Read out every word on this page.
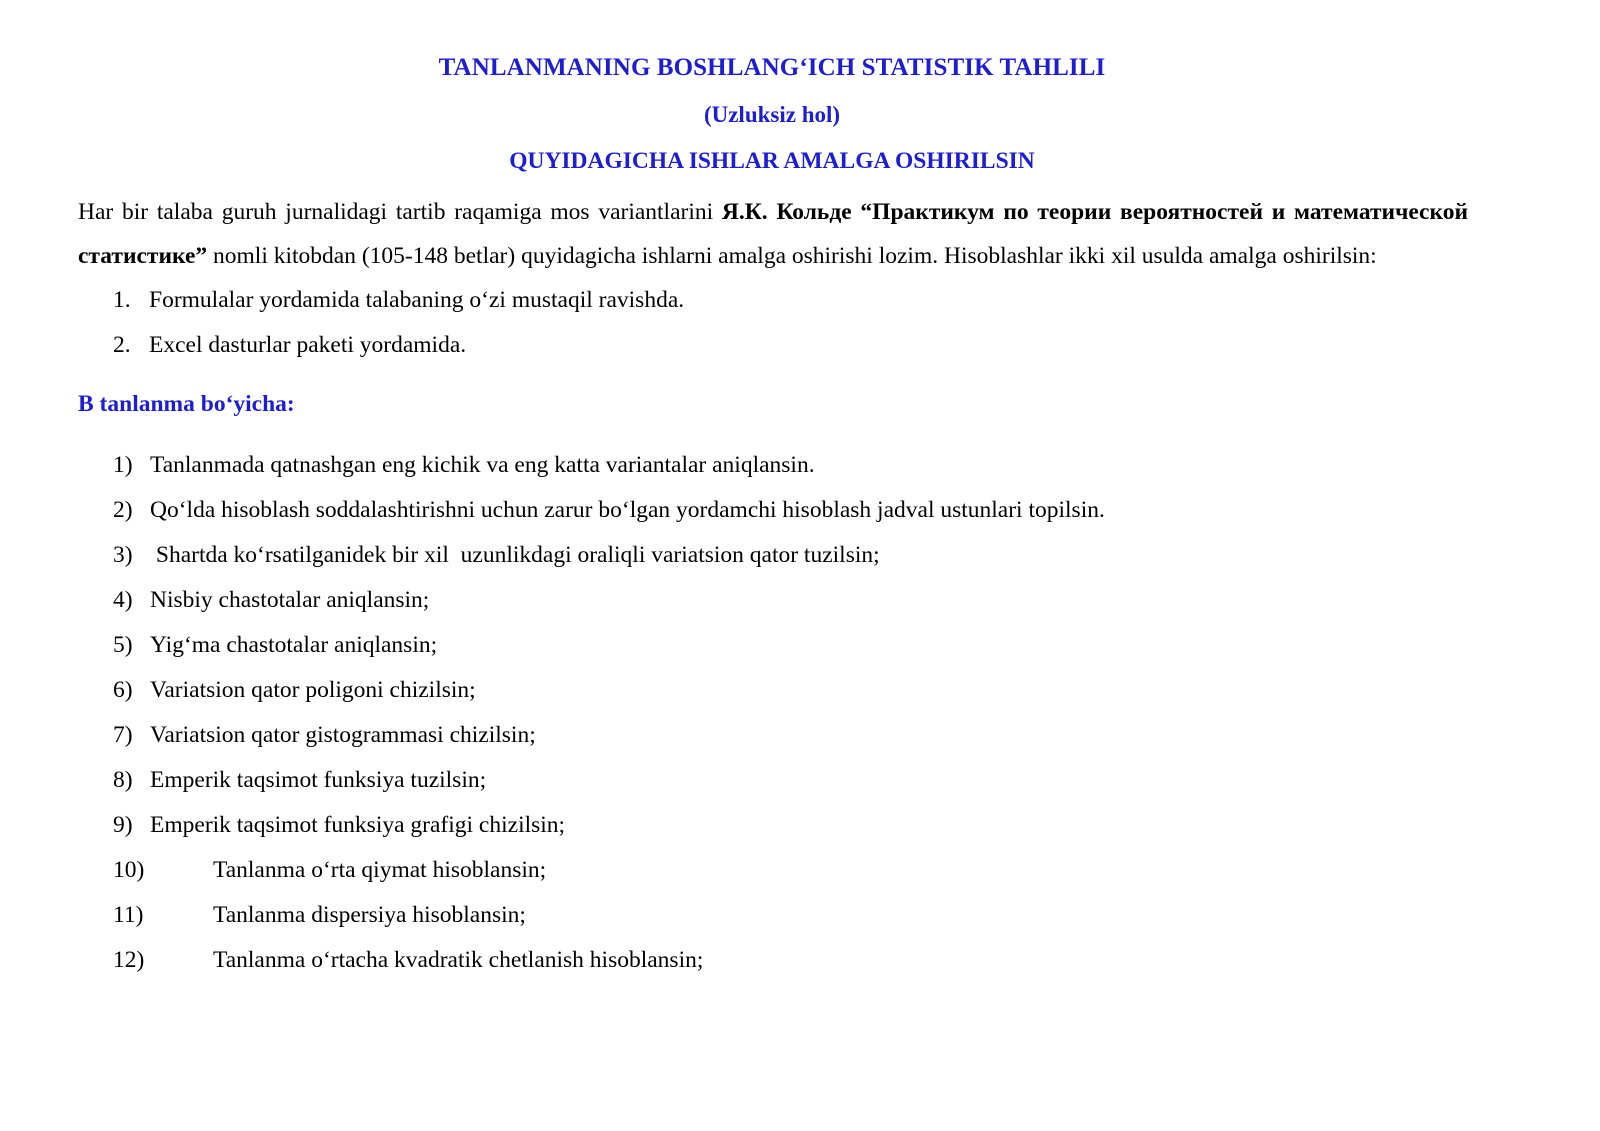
TANLANMANING BOSHLANG‘ICH STATISTIK TAHLILI
(Uzluksiz hol)
QUYIDAGICHA ISHLAR AMALGA OSHIRILSIN

Har bir talaba guruh jurnalidagi tartib raqamiga mos variantlarini Я.К. Кольде “Практикум по теории вероятностей и математической статистике” nomli kitobdan (105-148 betlar) quyidagicha ishlarni amalga oshirishi lozim. Hisoblashlar ikki xil usulda amalga oshirilsin:

1. Formulalar yordamida talabaning o‘zi mustaqil ravishda.
2. Excel dasturlar paketi yordamida.
B tanlanma bo‘yicha:
1) Tanlanmada qatnashgan eng kichik va eng katta variantalar aniqlansin.
2) Qo‘lda hisoblash soddalashtirishni uchun zarur bo‘lgan yordamchi hisoblash jadval ustunlari topilsin.
3) Shartda ko‘rsatilganidek bir xil  uzunlikdagi oraliqli variatsion qator tuzilsin;
4) Nisbiy chastotalar aniqlansin;
5) Yig‘ma chastotalar aniqlansin;
6) Variatsion qator poligoni chizilsin;
7) Variatsion qator gistogrammasi chizilsin;
8) Emperik taqsimot funksiya tuzilsin;
9) Emperik taqsimot funksiya grafigi chizilsin;
10)	Tanlanma o‘rta qiymat hisoblansin;
11)	Tanlanma dispersiya hisoblansin;
12)	Tanlanma o‘rtacha kvadratik chetlanish hisoblansin;
